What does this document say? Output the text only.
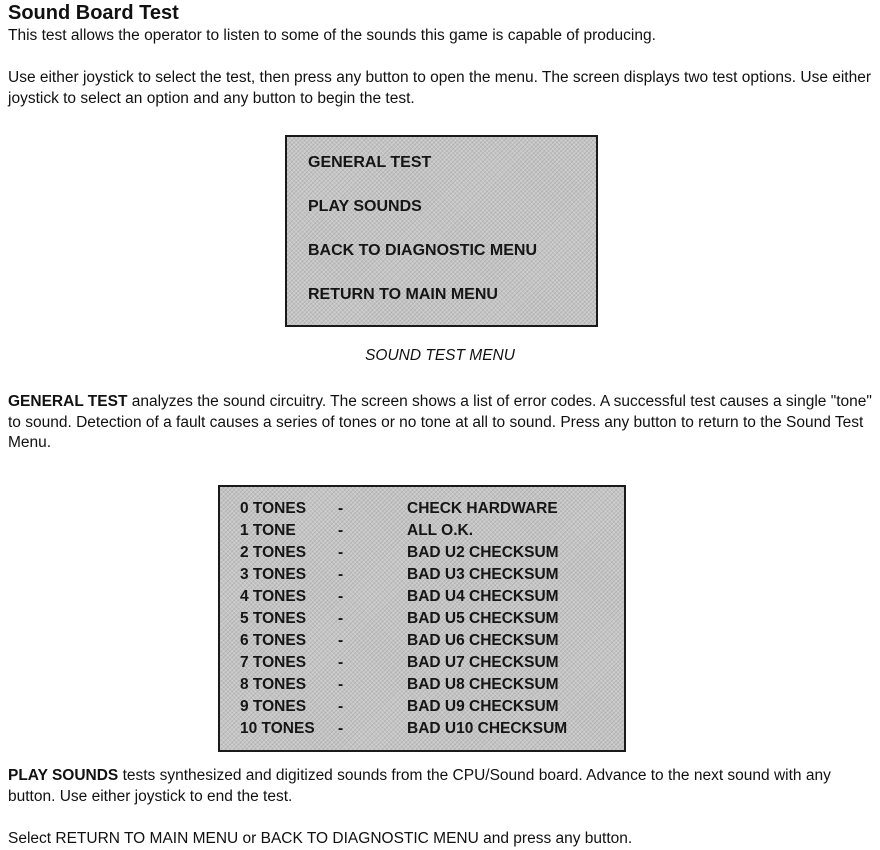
Sound Board Test

This test allows the operator to listen to some of the sounds this game is capable of producing.

Use either joystick to select the test, then press any button to open the menu. The screen displays two test options. Use either joystick to select an option and any button to begin the test.

GENERAL TEST
PLAY SOUNDS
BACK TO DIAGNOSTIC MENU
RETURN TO MAIN MENU
SOUND TEST MENU

GENERAL TEST analyzes the sound circuitry. The screen shows a list of error codes. A successful test causes a single "tone" to sound. Detection of a fault causes a series of tones or no tone at all to sound. Press any button to return to the Sound Test Menu.

0 TONES -	CHECK HARDWARE
1 TONE	-	ALL O.K.
2 TONES -	BAD U2 CHECKSUM
3 TONES -	BAD U3 CHECKSUM
4 TONES -	BAD U4 CHECKSUM
5 TONES -	BAD U5 CHECKSUM
6 TONES -	BAD U6 CHECKSUM
7 TONES -	BAD U7 CHECKSUM
8 TONES -	BAD U8 CHECKSUM
9 TONES -	BAD U9 CHECKSUM
10 TONES -	BAD U10 CHECKSUM

PLAY SOUNDS tests synthesized and digitized sounds from the CPU/Sound board. Advance to the next sound with any button. Use either joystick to end the test.

Select RETURN TO MAIN MENU or BACK TO DIAGNOSTIC MENU and press any button.
